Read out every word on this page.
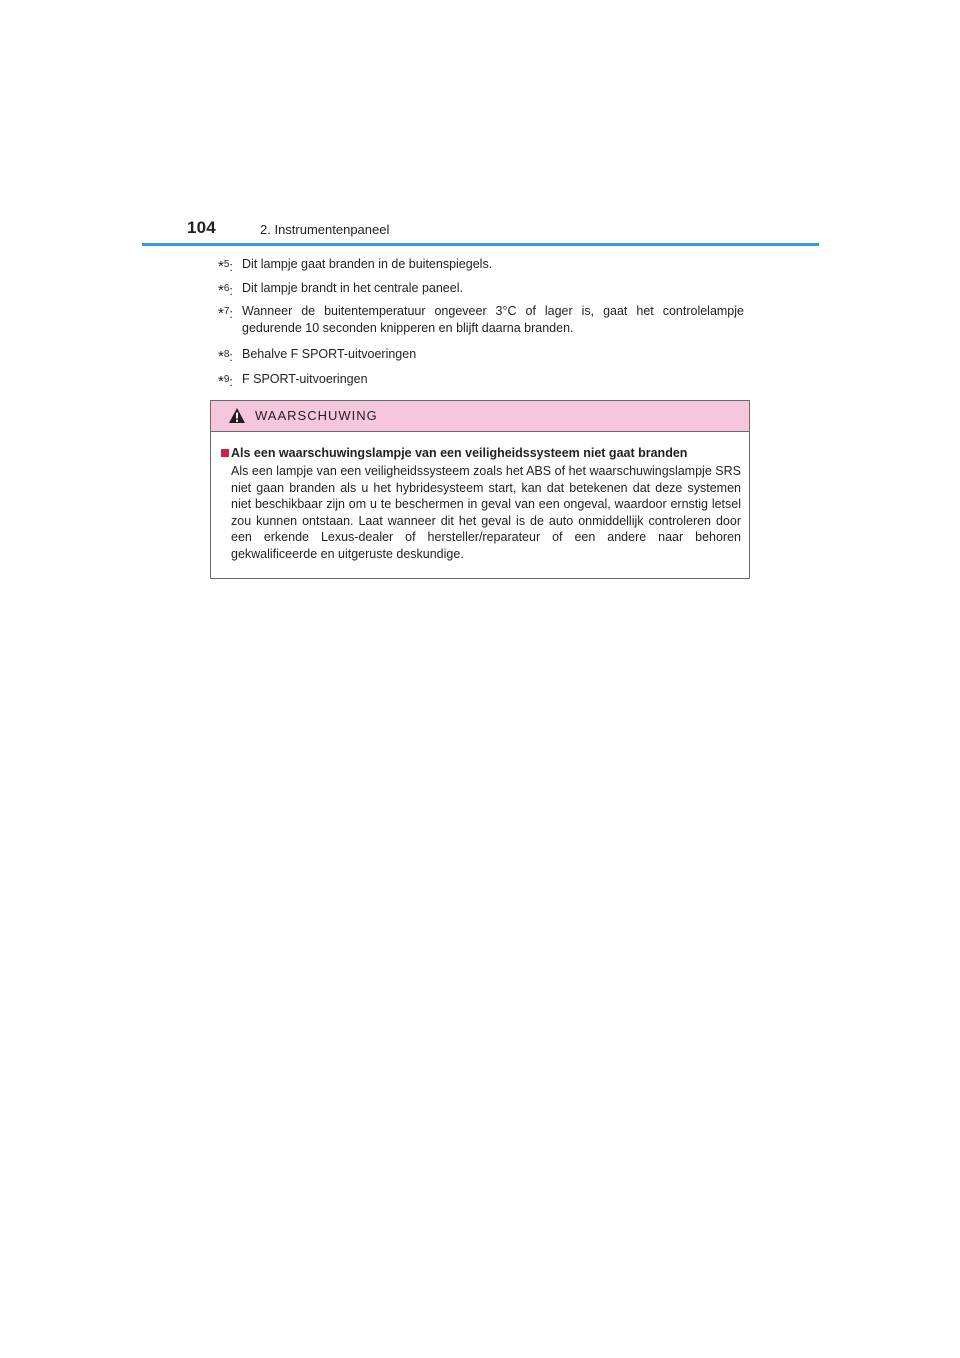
104	2. Instrumentenpaneel
*$^5$: Dit lampje gaat branden in de buitenspiegels.
*$^6$: Dit lampje brandt in het centrale paneel.
*$^7$: Wanneer de buitentemperatuur ongeveer 3°C of lager is, gaat het controlelampje gedurende 10 seconden knipperen en blijft daarna branden.
*$^8$: Behalve F SPORT-uitvoeringen
*$^9$: F SPORT-uitvoeringen
WAARSCHUWING
Als een waarschuwingslampje van een veiligheidssysteem niet gaat branden
Als een lampje van een veiligheidssysteem zoals het ABS of het waarschuwingslampje SRS niet gaan branden als u het hybridesysteem start, kan dat betekenen dat deze systemen niet beschikbaar zijn om u te beschermen in geval van een ongeval, waardoor ernstig letsel zou kunnen ontstaan. Laat wanneer dit het geval is de auto onmiddellijk controleren door een erkende Lexus-dealer of hersteller/reparateur of een andere naar behoren gekwalificeerde en uitgeruste deskundige.
